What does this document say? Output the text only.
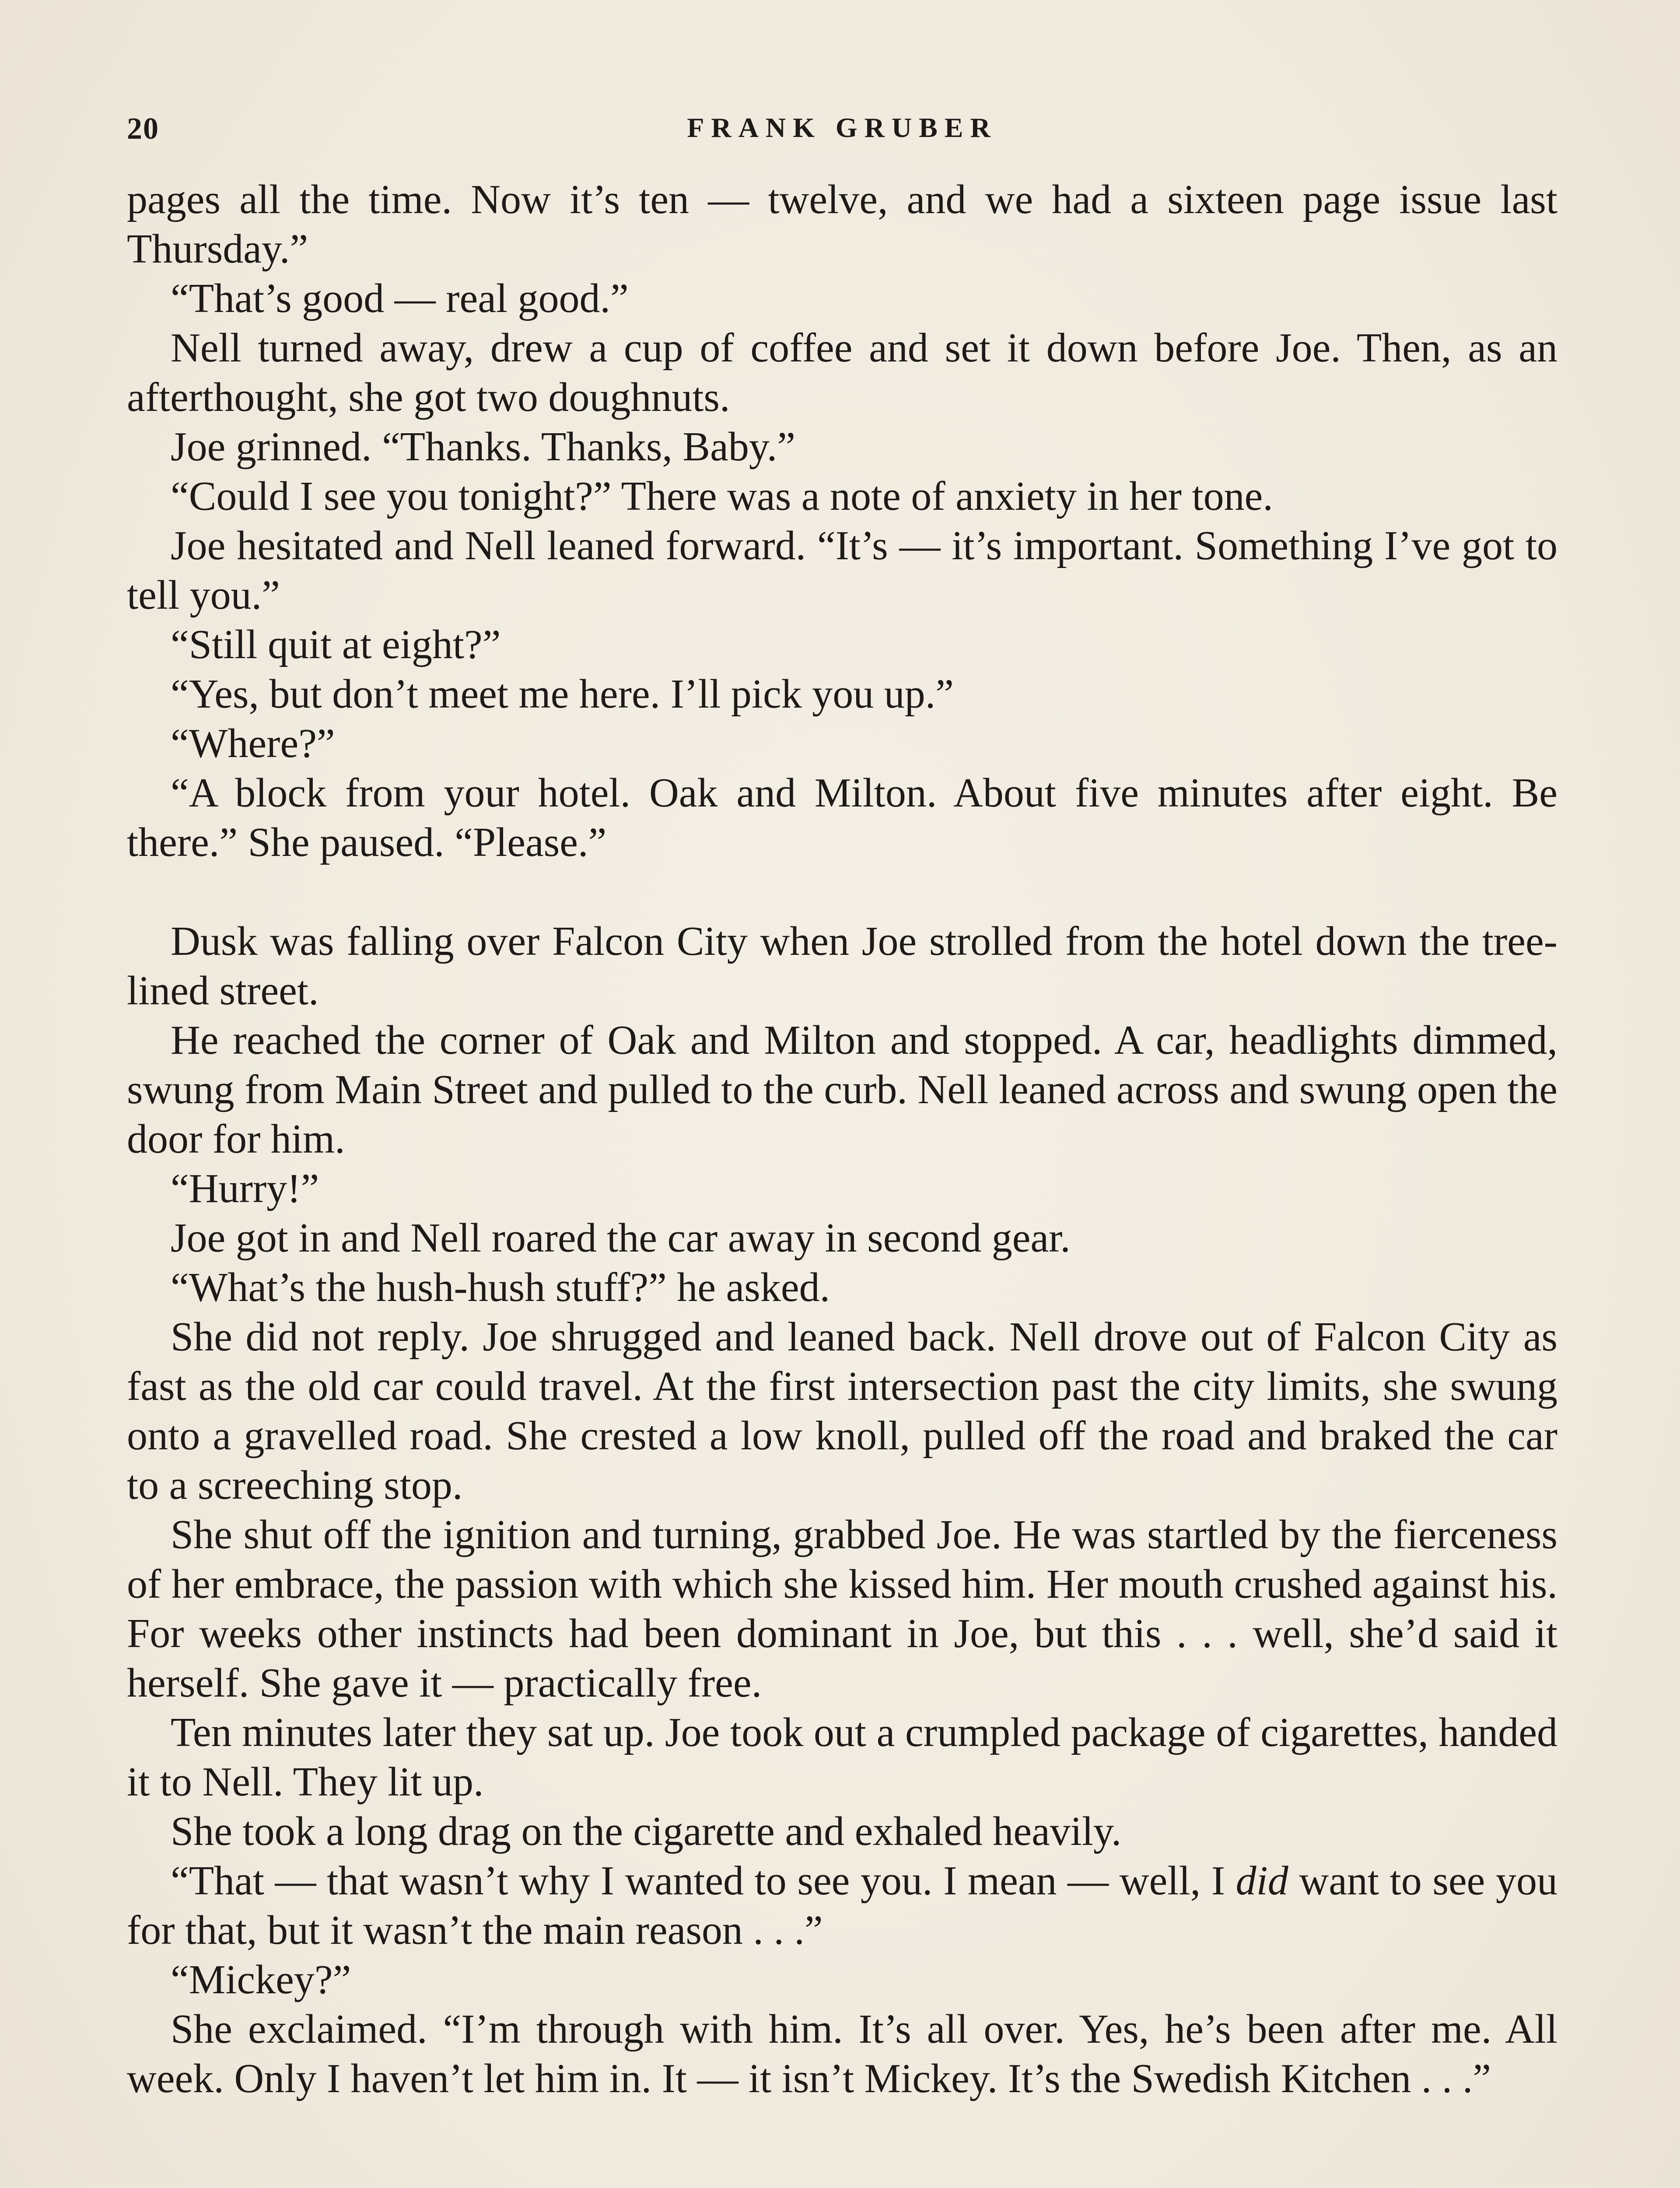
20	FRANK GRUBER

pages all the time. Now it’s ten — twelve, and we had a sixteen page issue last Thursday.”

“That’s good — real good.”

Nell turned away, drew a cup of coffee and set it down before Joe. Then, as an afterthought, she got two doughnuts.

Joe grinned. “Thanks. Thanks, Baby.”

“Could I see you tonight?” There was a note of anxiety in her tone.

Joe hesitated and Nell leaned forward. “It’s — it’s important. Something I’ve got to tell you.”

“Still quit at eight?”

“Yes, but don’t meet me here. I’ll pick you up.”

“Where?”

“A block from your hotel. Oak and Milton. About five minutes after eight. Be there.” She paused. “Please.”

Dusk was falling over Falcon City when Joe strolled from the hotel down the tree-lined street.

He reached the corner of Oak and Milton and stopped. A car, headlights dimmed, swung from Main Street and pulled to the curb. Nell leaned across and swung open the door for him.

“Hurry!”

Joe got in and Nell roared the car away in second gear.

“What’s the hush-hush stuff?” he asked.

She did not reply. Joe shrugged and leaned back. Nell drove out of Falcon City as fast as the old car could travel. At the first intersection past the city limits, she swung onto a gravelled road. She crested a low knoll, pulled off the road and braked the car to a screeching stop.

She shut off the ignition and turning, grabbed Joe. He was startled by the fierceness of her embrace, the passion with which she kissed him. Her mouth crushed against his. For weeks other instincts had been dominant in Joe, but this . . . well, she’d said it herself. She gave it — practically free.

Ten minutes later they sat up. Joe took out a crumpled package of cigarettes, handed it to Nell. They lit up.

She took a long drag on the cigarette and exhaled heavily.

“That — that wasn’t why I wanted to see you. I mean — well, I did want to see you for that, but it wasn’t the main reason . . .”

“Mickey?”

She exclaimed. “I’m through with him. It’s all over. Yes, he’s been after me. All week. Only I haven’t let him in. It — it isn’t Mickey. It’s the Swedish Kitchen . . .”
